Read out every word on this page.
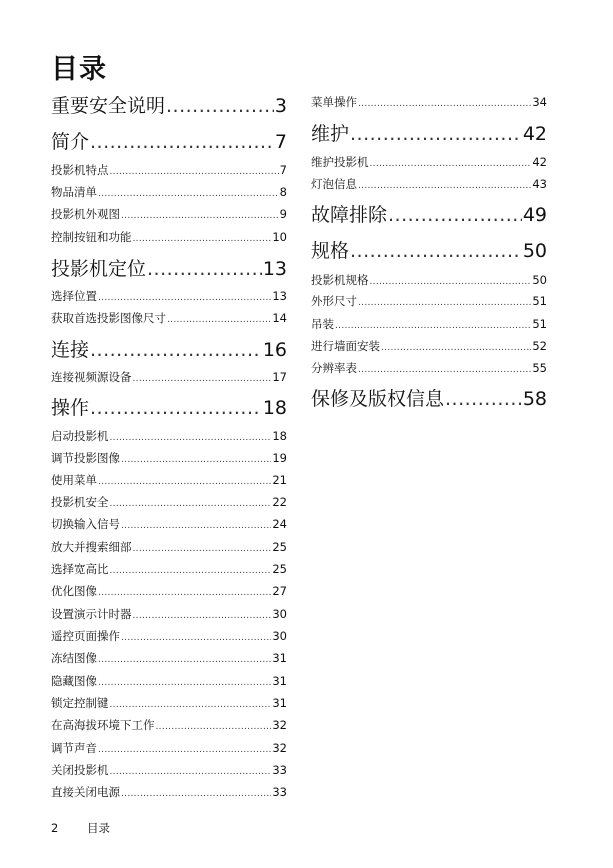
目录
重要安全说明 .....	3
简介 .....	7
投影机特点 .....	7
物品清单 .....	8
投影机外观图 .....	9
控制按钮和功能 .....	10
投影机定位 .....	13
选择位置 .....	13
获取首选投影图像尺寸 .....	14
连接 .....	16
连接视频源设备 .....	17
操作 .....	18
启动投影机 .....	18
调节投影图像 .....	19
使用菜单 .....	21
投影机安全 .....	22
切换输入信号 .....	24
放大并搜索细部 .....	25
选择宽高比 .....	25
优化图像 .....	27
设置演示计时器 .....	30
遥控页面操作 .....	30
冻结图像 .....	31
隐藏图像 .....	31
锁定控制键 .....	31
在高海拔环境下工作 .....	32
调节声音 .....	32
关闭投影机 .....	33
直接关闭电源 .....	33
菜单操作 .....	34
维护 .....	42
维护投影机 .....	42
灯泡信息 .....	43
故障排除 .....	49
规格 .....	50
投影机规格 .....	50
外形尺寸 .....	51
吊装 .....	51
进行墙面安装 .....	52
分辨率表 .....	55
保修及版权信息 .....	58
2	目录
